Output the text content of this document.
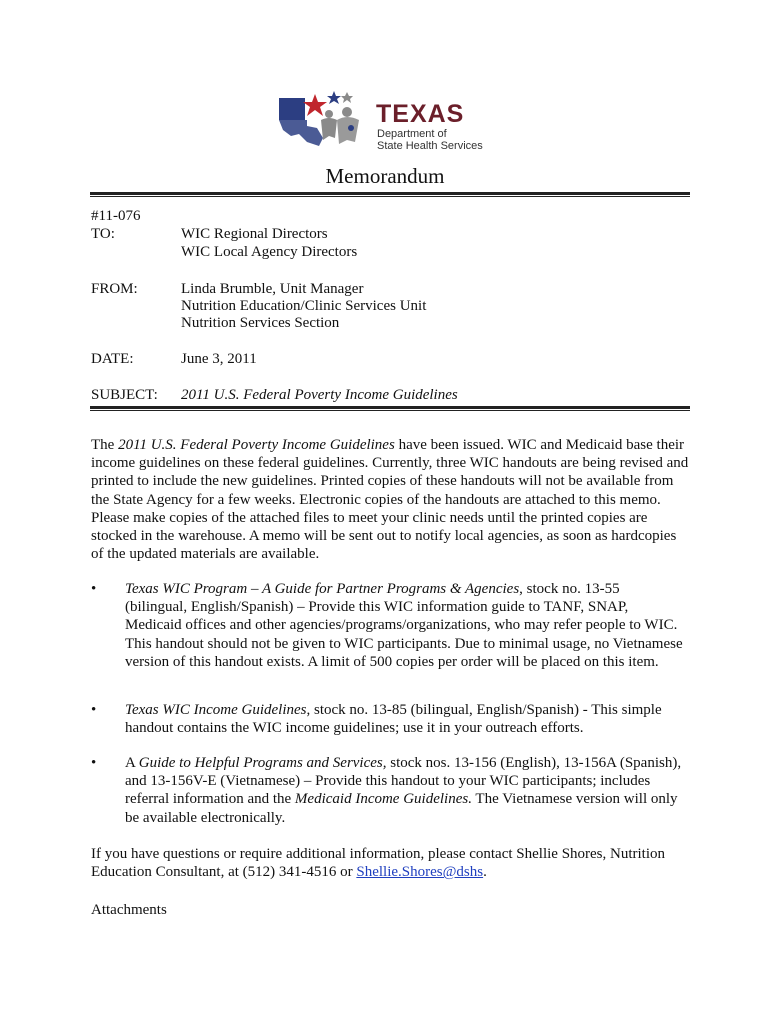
TEXAS
Department of
State Health Services
Memorandum
#11-076
TO:	WIC Regional Directors
WIC Local Agency Directors
FROM:	Linda Brumble, Unit Manager
Nutrition Education/Clinic Services Unit
Nutrition Services Section
DATE:	June 3, 2011
SUBJECT: 2011 U.S. Federal Poverty Income Guidelines

The 2011 U.S. Federal Poverty Income Guidelines have been issued. WIC and Medicaid base their income guidelines on these federal guidelines. Currently, three WIC handouts are being revised and printed to include the new guidelines. Printed copies of these handouts will not be available from the State Agency for a few weeks. Electronic copies of the handouts are attached to this memo. Please make copies of the attached files to meet your clinic needs until the printed copies are stocked in the warehouse. A memo will be sent out to notify local agencies, as soon as hardcopies of the updated materials are available.

•	Texas WIC Program – A Guide for Partner Programs & Agencies, stock no. 13-55 (bilingual, English/Spanish) – Provide this WIC information guide to TANF, SNAP, Medicaid offices and other agencies/programs/organizations, who may refer people to WIC. This handout should not be given to WIC participants. Due to minimal usage, no Vietnamese version of this handout exists. A limit of 500 copies per order will be placed on this item.
•	Texas WIC Income Guidelines, stock no. 13-85 (bilingual, English/Spanish) - This simple handout contains the WIC income guidelines; use it in your outreach efforts.
•	A Guide to Helpful Programs and Services, stock nos. 13-156 (English), 13-156A (Spanish), and 13-156V-E (Vietnamese) – Provide this handout to your WIC participants; includes referral information and the Medicaid Income Guidelines. The Vietnamese version will only be available electronically.

If you have questions or require additional information, please contact Shellie Shores, Nutrition Education Consultant, at (512) 341-4516 or Shellie.Shores@dshs.

Attachments
